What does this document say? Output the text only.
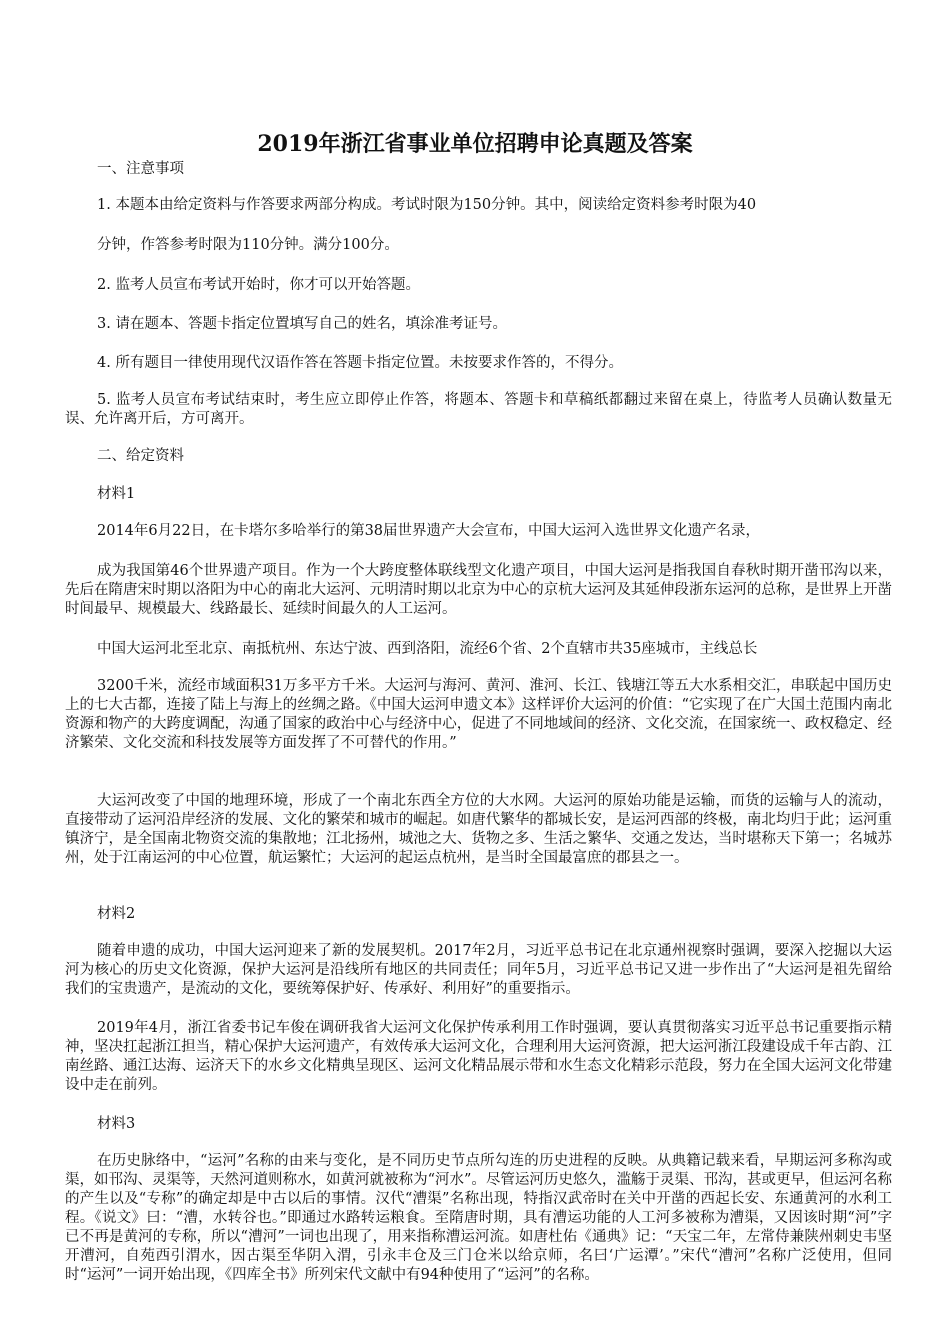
2019年浙江省事业单位招聘申论真题及答案

一、注意事项

1. 本题本由给定资料与作答要求两部分构成。考试时限为150分钟。其中，阅读给定资料参考时限为40

分钟，作答参考时限为110分钟。满分100分。

2. 监考人员宣布考试开始时，你才可以开始答题。

3. 请在题本、答题卡指定位置填写自己的姓名，填涂准考证号。

4. 所有题目一律使用现代汉语作答在答题卡指定位置。未按要求作答的，不得分。

5. 监考人员宣布考试结束时，考生应立即停止作答，将题本、答题卡和草稿纸都翻过来留在桌上，待监考人员确认数量无误、允许离开后，方可离开。

二、给定资料

材料1

2014年6月22日，在卡塔尔多哈举行的第38届世界遗产大会宣布，中国大运河入选世界文化遗产名录，

成为我国第46个世界遗产项目。作为一个大跨度整体联线型文化遗产项目，中国大运河是指我国自春秋时期开凿邗沟以来，先后在隋唐宋时期以洛阳为中心的南北大运河、元明清时期以北京为中心的京杭大运河及其延伸段浙东运河的总称，是世界上开凿时间最早、规模最大、线路最长、延续时间最久的人工运河。

中国大运河北至北京、南抵杭州、东达宁波、西到洛阳，流经6个省、2个直辖市共35座城市，主线总长

3200千米，流经市域面积31万多平方千米。大运河与海河、黄河、淮河、长江、钱塘江等五大水系相交汇，串联起中国历史上的七大古都，连接了陆上与海上的丝绸之路。《中国大运河申遗文本》这样评价大运河的价值：“它实现了在广大国土范围内南北资源和物产的大跨度调配，沟通了国家的政治中心与经济中心，促进了不同地域间的经济、文化交流，在国家统一、政权稳定、经济繁荣、文化交流和科技发展等方面发挥了不可替代的作用。”

大运河改变了中国的地理环境，形成了一个南北东西全方位的大水网。大运河的原始功能是运输，而货的运输与人的流动，直接带动了运河沿岸经济的发展、文化的繁荣和城市的崛起。如唐代繁华的都城长安，是运河西部的终极，南北均归于此；运河重镇济宁，是全国南北物资交流的集散地；江北扬州，城池之大、货物之多、生活之繁华、交通之发达，当时堪称天下第一；名城苏州，处于江南运河的中心位置，航运繁忙；大运河的起运点杭州，是当时全国最富庶的郡县之一。

材料2

随着申遗的成功，中国大运河迎来了新的发展契机。2017年2月，习近平总书记在北京通州视察时强调，要深入挖掘以大运河为核心的历史文化资源，保护大运河是沿线所有地区的共同责任；同年5月，习近平总书记又进一步作出了“大运河是祖先留给我们的宝贵遗产，是流动的文化，要统筹保护好、传承好、利用好”的重要指示。

2019年4月，浙江省委书记车俊在调研我省大运河文化保护传承利用工作时强调，要认真贯彻落实习近平总书记重要指示精神，坚决扛起浙江担当，精心保护大运河遗产，有效传承大运河文化，合理利用大运河资源，把大运河浙江段建设成千年古韵、江南丝路、通江达海、运济天下的水乡文化精典呈现区、运河文化精品展示带和水生态文化精彩示范段，努力在全国大运河文化带建设中走在前列。

材料3

在历史脉络中，“运河”名称的由来与变化，是不同历史节点所勾连的历史进程的反映。从典籍记载来看，早期运河多称沟或渠，如邗沟、灵渠等，天然河道则称水，如黄河就被称为“河水”。尽管运河历史悠久，滥觞于灵渠、邗沟，甚或更早，但运河名称的产生以及“专称”的确定却是中古以后的事情。汉代“漕渠”名称出现，特指汉武帝时在关中开凿的西起长安、东通黄河的水利工程。《说文》曰：“漕，水转谷也。”即通过水路转运粮食。至隋唐时期，具有漕运功能的人工河多被称为漕渠，又因该时期“河”字已不再是黄河的专称，所以“漕河”一词也出现了，用来指称漕运河流。如唐杜佑《通典》记：“天宝二年，左常侍兼陕州刺史韦坚开漕河，自苑西引渭水，因古渠至华阴入渭，引永丰仓及三门仓米以给京师，名曰‘广运潭’。”宋代“漕河”名称广泛使用，但同时“运河”一词开始出现，《四库全书》所列宋代文献中有94种使用了“运河”的名称。
